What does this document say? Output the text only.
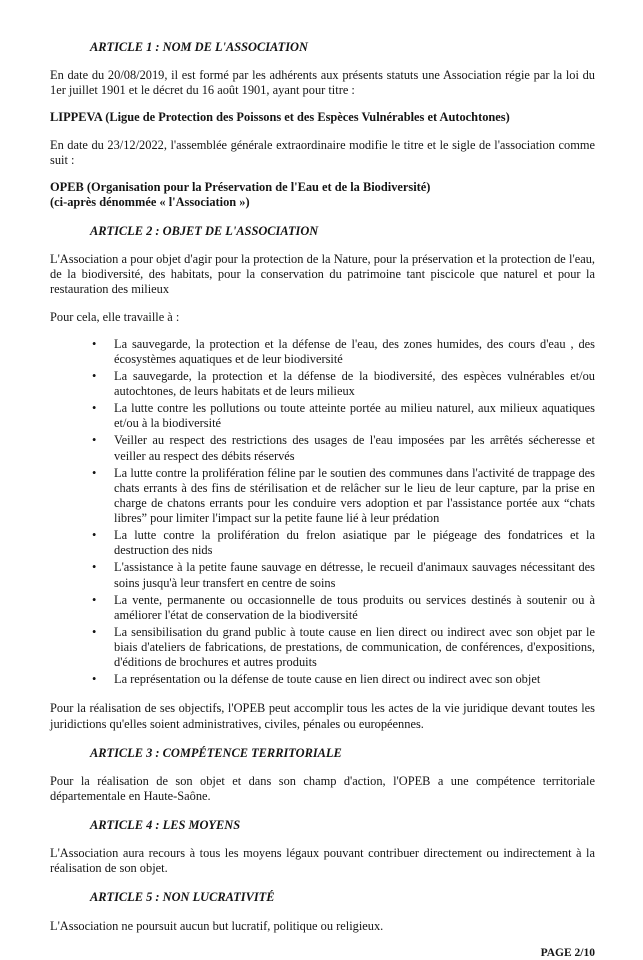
ARTICLE 1 : NOM DE L'ASSOCIATION

En date du 20/08/2019, il est formé par les adhérents aux présents statuts une Association régie par la loi du 1er juillet 1901 et le décret du 16 août 1901, ayant pour titre :

LIPPEVA (Ligue de Protection des Poissons et des Espèces Vulnérables et Autochtones)

En date du 23/12/2022, l'assemblée générale extraordinaire modifie le titre et le sigle de l'association comme suit :

OPEB (Organisation pour la Préservation de l'Eau et de la Biodiversité)
(ci-après dénommée « l'Association »)

ARTICLE 2 : OBJET DE L'ASSOCIATION

L'Association a pour objet d'agir pour la protection de la Nature, pour la préservation et la protection de l'eau, de la biodiversité, des habitats, pour la conservation du patrimoine tant piscicole que naturel et pour la restauration des milieux

Pour cela, elle travaille à :

• La sauvegarde, la protection et la défense de l'eau, des zones humides, des cours d'eau , des écosystèmes aquatiques et de leur biodiversité
• La sauvegarde, la protection et la défense de la biodiversité, des espèces vulnérables et/ou autochtones, de leurs habitats et de leurs milieux
• La lutte contre les pollutions ou toute atteinte portée au milieu naturel, aux milieux aquatiques et/ou à la biodiversité
• Veiller au respect des restrictions des usages de l'eau imposées par les arrêtés sécheresse et veiller au respect des débits réservés
• La lutte contre la prolifération féline par le soutien des communes dans l'activité de trappage des chats errants à des fins de stérilisation et de relâcher sur le lieu de leur capture, par la prise en charge de chatons errants pour les conduire vers adoption et par l'assistance portée aux “chats libres” pour limiter l'impact sur la petite faune lié à leur prédation
• La lutte contre la prolifération du frelon asiatique par le piégeage des fondatrices et la destruction des nids
• L'assistance à la petite faune sauvage en détresse, le recueil d'animaux sauvages nécessitant des soins jusqu'à leur transfert en centre de soins
• La vente, permanente ou occasionnelle de tous produits ou services destinés à soutenir ou à améliorer l'état de conservation de la biodiversité
• La sensibilisation du grand public à toute cause en lien direct ou indirect avec son objet par le biais d'ateliers de fabrications, de prestations, de communication, de conférences, d'expositions, d'éditions de brochures et autres produits
• La représentation ou la défense de toute cause en lien direct ou indirect avec son objet

Pour la réalisation de ses objectifs, l'OPEB peut accomplir tous les actes de la vie juridique devant toutes les juridictions qu'elles soient administratives, civiles, pénales ou européennes.

ARTICLE 3 : COMPÉTENCE TERRITORIALE

Pour la réalisation de son objet et dans son champ d'action, l'OPEB a une compétence territoriale départementale en Haute-Saône.

ARTICLE 4 : LES MOYENS

L'Association aura recours à tous les moyens légaux pouvant contribuer directement ou indirectement à la réalisation de son objet.

ARTICLE 5 : NON LUCRATIVITÉ

L'Association ne poursuit aucun but lucratif, politique ou religieux.

PAGE 2/10
